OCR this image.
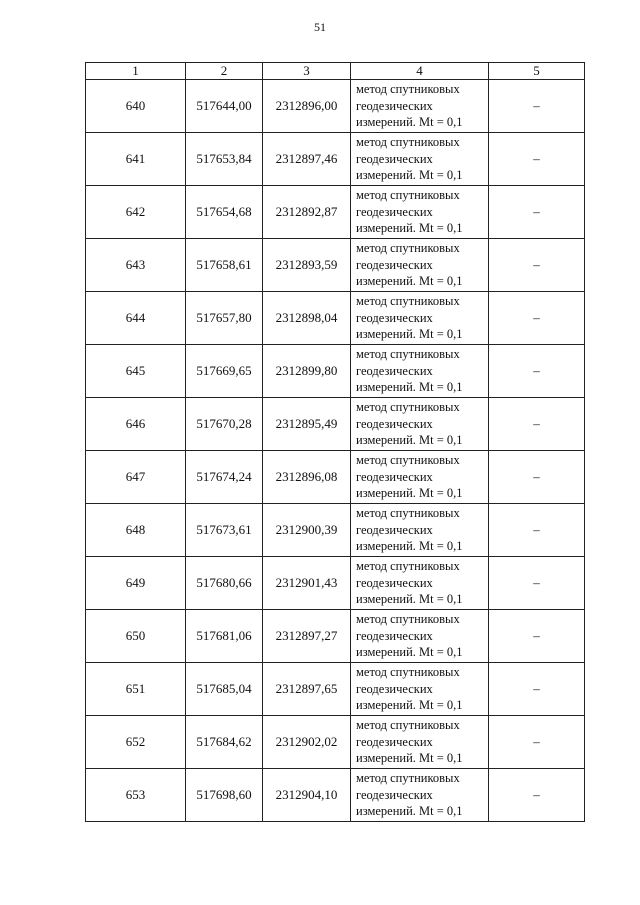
51
1	2	3	4	5
640	517644,00	2312896,00	метод спутниковых
геодезических
измерений. Mt = 0,1	–
641	517653,84	2312897,46	метод спутниковых
геодезических
измерений. Mt = 0,1	–
642	517654,68	2312892,87	метод спутниковых
геодезических
измерений. Mt = 0,1	–
643	517658,61	2312893,59	метод спутниковых
геодезических
измерений. Mt = 0,1	–
644	517657,80	2312898,04	метод спутниковых
геодезических
измерений. Mt = 0,1	–
645	517669,65	2312899,80	метод спутниковых
геодезических
измерений. Mt = 0,1	–
646	517670,28	2312895,49	метод спутниковых
геодезических
измерений. Mt = 0,1	–
647	517674,24	2312896,08	метод спутниковых
геодезических
измерений. Mt = 0,1	–
648	517673,61	2312900,39	метод спутниковых
геодезических
измерений. Mt = 0,1	–
649	517680,66	2312901,43	метод спутниковых
геодезических
измерений. Mt = 0,1	–
650	517681,06	2312897,27	метод спутниковых
геодезических
измерений. Mt = 0,1	–
651	517685,04	2312897,65	метод спутниковых
геодезических
измерений. Mt = 0,1	–
652	517684,62	2312902,02	метод спутниковых
геодезических
измерений. Mt = 0,1	–
653	517698,60	2312904,10	метод спутниковых
геодезических
измерений. Mt = 0,1	–
